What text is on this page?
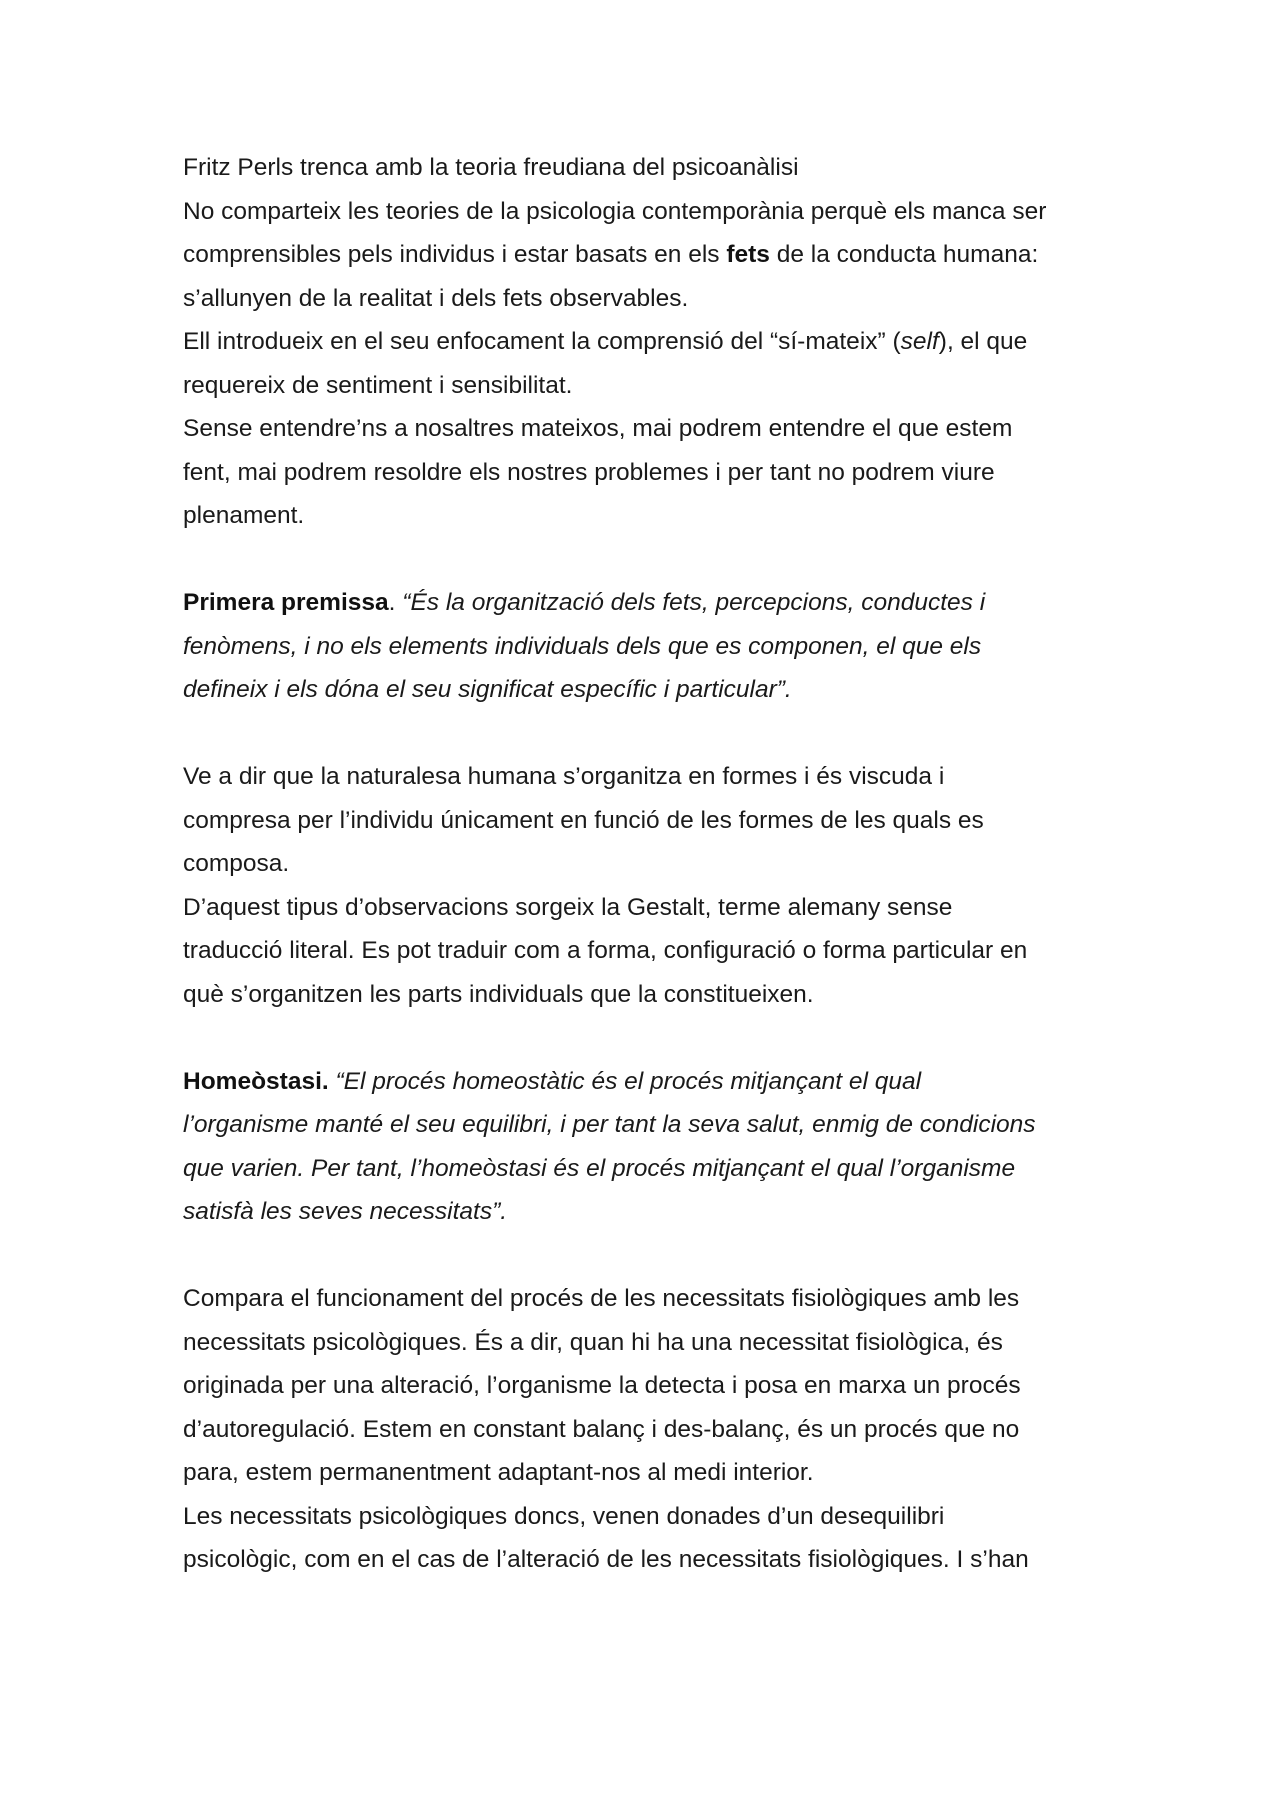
Fritz Perls trenca amb la teoria freudiana del psicoanàlisi

No comparteix les teories de la psicologia contemporània perquè els manca ser

comprensibles pels individus i estar basats en els fets de la conducta humana:

s’allunyen de la realitat i dels fets observables.

Ell introdueix en el seu enfocament la comprensió del “sí-mateix” (self), el que

requereix de sentiment i sensibilitat.

Sense entendre’ns a nosaltres mateixos, mai podrem entendre el que estem

fent, mai podrem resoldre els nostres problemes i per tant no podrem viure

plenament.

Primera premissa. “És la organització dels fets, percepcions, conductes i

fenòmens, i no els elements individuals dels que es componen, el que els

defineix i els dóna el seu significat específic i particular”.

Ve a dir que la naturalesa humana s’organitza en formes i és viscuda i

compresa per l’individu únicament en funció de les formes de les quals es

composa.

D’aquest tipus d’observacions sorgeix la Gestalt, terme alemany sense

traducció literal. Es pot traduir com a forma, configuració o forma particular en

què s’organitzen les parts individuals que la constitueixen.

Homeòstasi. “El procés homeostàtic és el procés mitjançant el qual

l’organisme manté el seu equilibri, i per tant la seva salut, enmig de condicions

que varien. Per tant, l’homeòstasi és el procés mitjançant el qual l’organisme

satisfà les seves necessitats”.

Compara el funcionament del procés de les necessitats fisiològiques amb les

necessitats psicològiques. És a dir, quan hi ha una necessitat fisiològica, és

originada per una alteració, l’organisme la detecta i posa en marxa un procés

d’autoregulació. Estem en constant balanç i des-balanç, és un procés que no

para, estem permanentment adaptant-nos al medi interior.

Les necessitats psicològiques doncs, venen donades d’un desequilibri

psicològic, com en el cas de l’alteració de les necessitats fisiològiques. I s’han
